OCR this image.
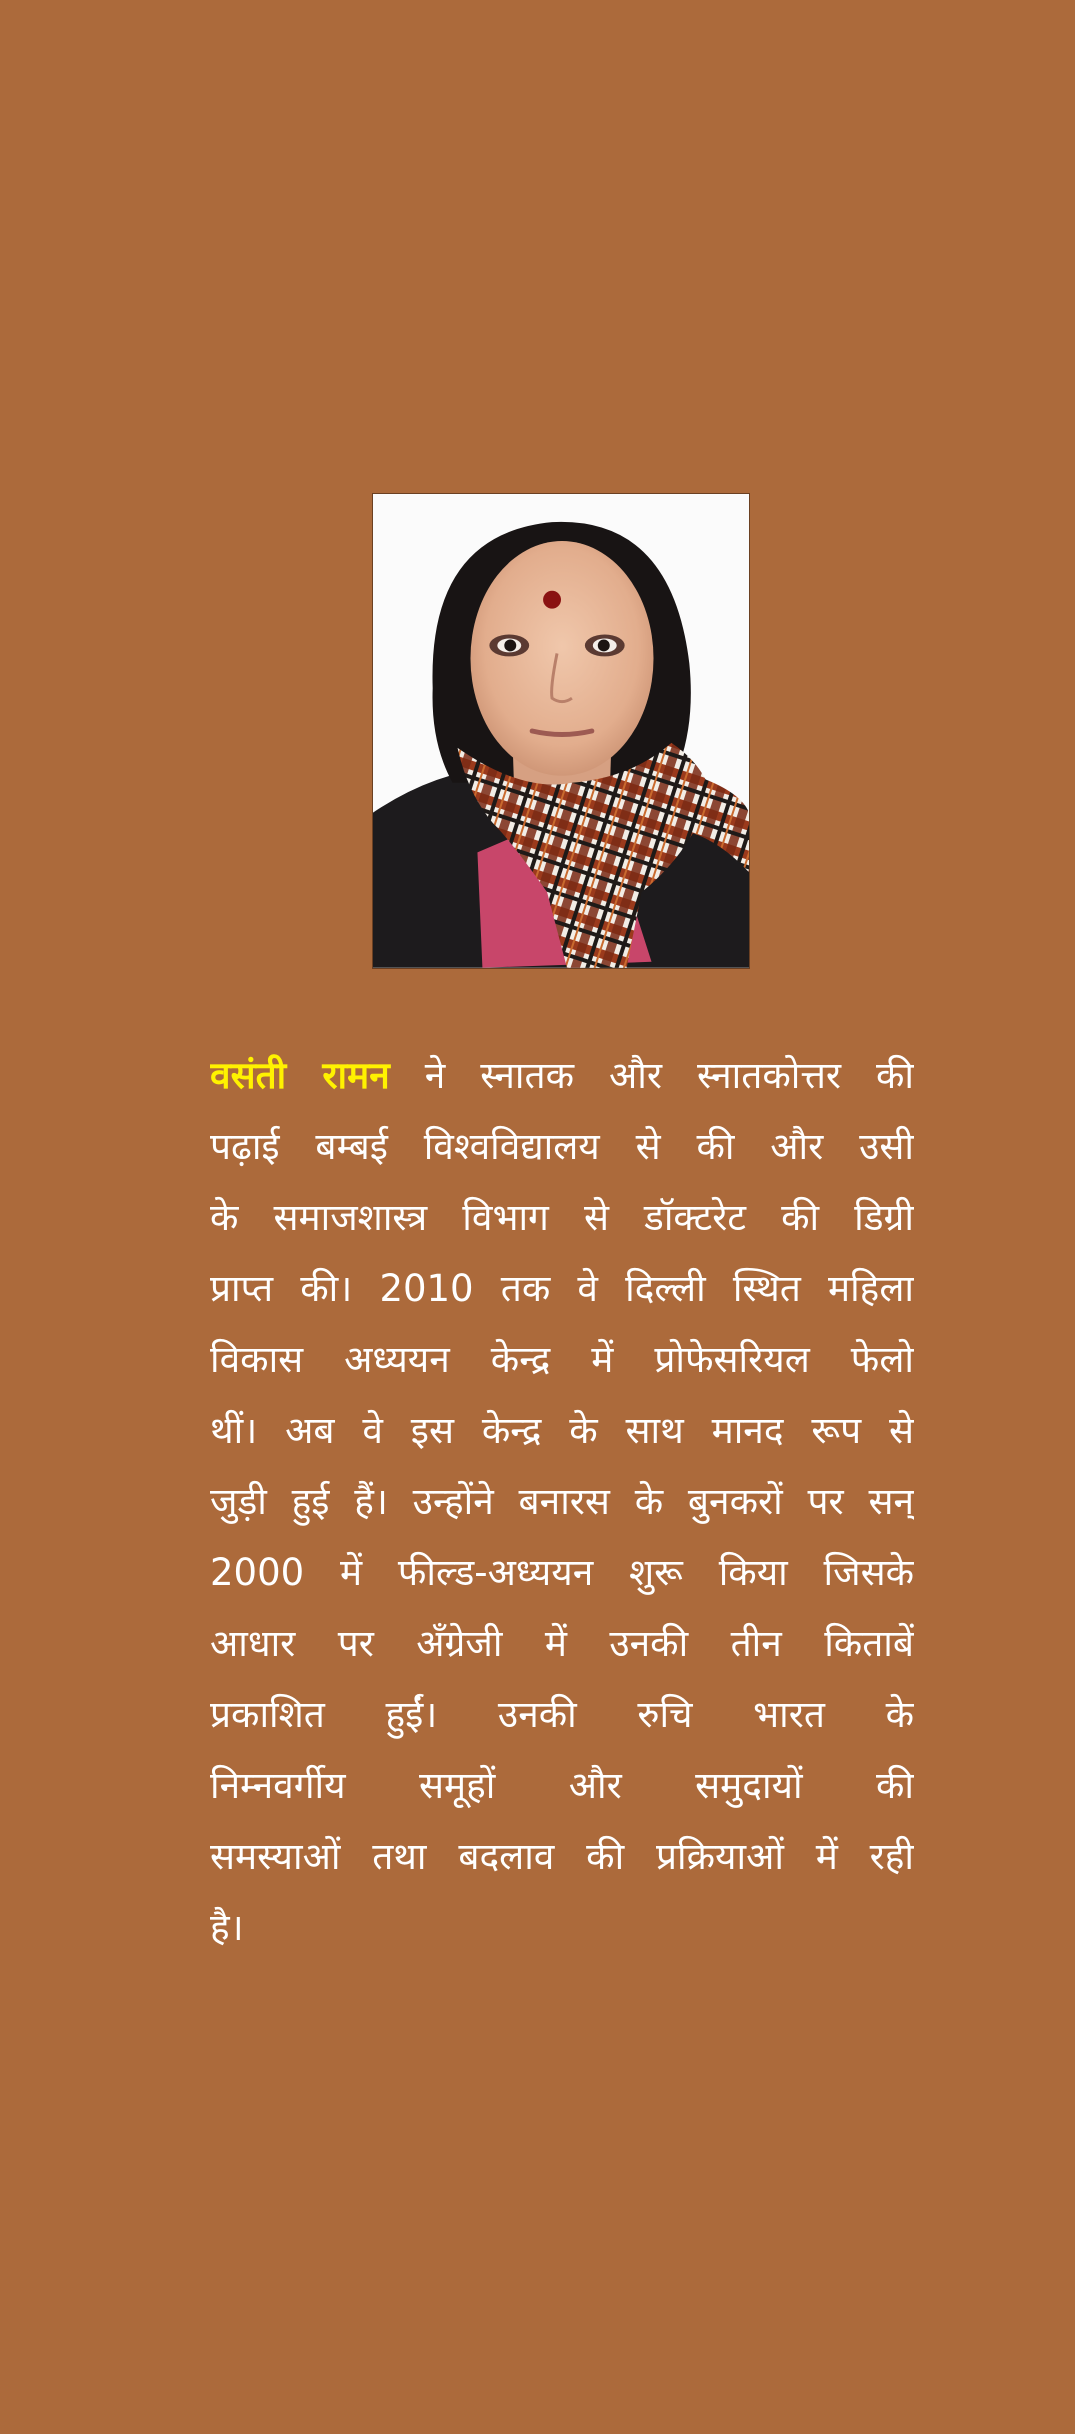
वसंती रामन ने स्नातक और स्नातकोत्तर की
पढ़ाई बम्बई विश्वविद्यालय से की और उसी
के समाजशास्त्र विभाग से डॉक्टरेट की डिग्री
प्राप्त की। 2010 तक वे दिल्ली स्थित महिला
विकास अध्ययन केन्द्र में प्रोफेसरियल फेलो
थीं। अब वे इस केन्द्र के साथ मानद रूप से
जुड़ी हुई हैं। उन्होंने बनारस के बुनकरों पर सन्
2000 में फील्ड-अध्ययन शुरू किया जिसके
आधार पर अँग्रेजी में उनकी तीन किताबें
प्रकाशित हुईं। उनकी रुचि भारत के
निम्नवर्गीय समूहों और समुदायों की
समस्याओं तथा बदलाव की प्रक्रियाओं में रही
है।
